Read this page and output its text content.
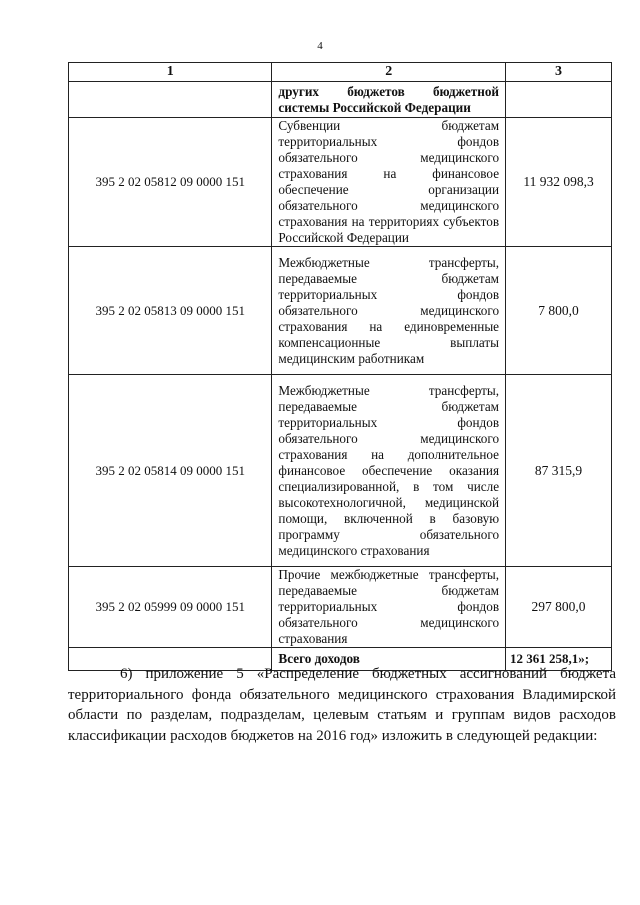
4
1	2	3
	других бюджетов бюджетной системы Российской Федерации	
395 2 02 05812 09 0000 151	Субвенции бюджетам территориальных фондов обязательного медицинского страхования на финансовое обеспечение организации обязательного медицинского страхования на территориях субъектов Российской Федерации	11 932 098,3
395 2 02 05813 09 0000 151	Межбюджетные трансферты, передаваемые бюджетам территориальных фондов обязательного медицинского страхования на единовременные компенсационные выплаты медицинским работникам	7 800,0
395 2 02 05814 09 0000 151	Межбюджетные трансферты, передаваемые бюджетам территориальных фондов обязательного медицинского страхования на дополнительное финансовое обеспечение оказания специализированной, в том числе высокотехнологичной, медицинской помощи, включенной в базовую программу обязательного медицинского страхования	87 315,9
395 2 02 05999 09 0000 151	Прочие межбюджетные трансферты, передаваемые бюджетам территориальных фондов обязательного медицинского страхования	297 800,0
	Всего доходов	12 361 258,1»;
6) приложение 5 «Распределение бюджетных ассигнований бюджета территориального фонда обязательного медицинского страхования Владимирской области по разделам, подразделам, целевым статьям и группам видов расходов классификации расходов бюджетов на 2016 год» изложить в следующей редакции:
